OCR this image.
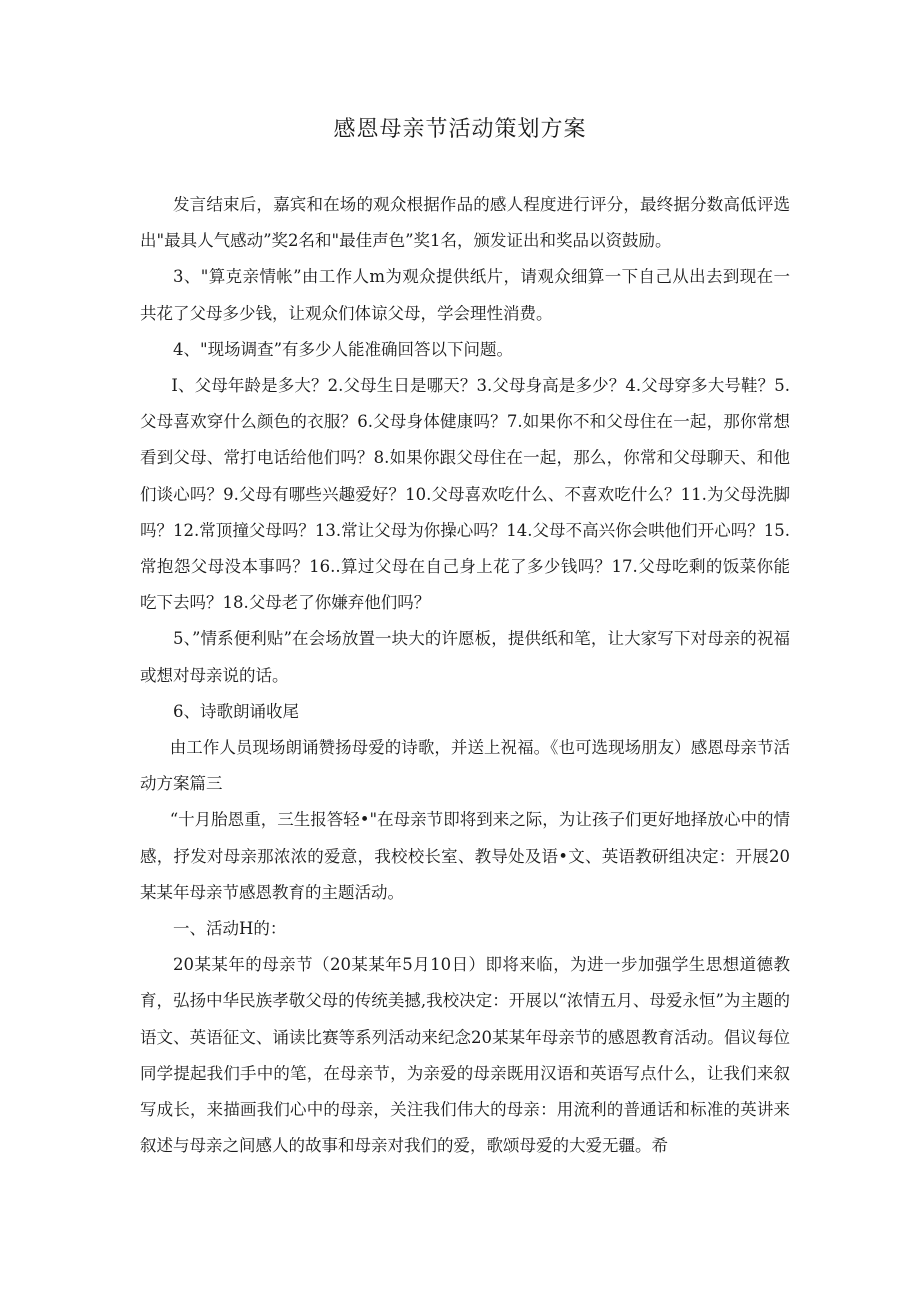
感恩母亲节活动策划方案

发言结束后，嘉宾和在场的观众根据作品的感人程度进行评分，最终据分数高低评选出"最具人气感动”奖2名和"最佳声色”奖1名，颁发证出和奖品以资鼓励。

3、"算克亲情帐”由工作人m为观众提供纸片，请观众细算一下自己从出去到现在一共花了父母多少钱，让观众们体谅父母，学会理性消费。

4、"现场调查”有多少人能准确回答以下问题。

I、父母年龄是多大？2.父母生日是哪天？3.父母身高是多少？4.父母穿多大号鞋？5.父母喜欢穿什么颜色的衣服？6.父母身体健康吗？7.如果你不和父母住在一起，那你常想看到父母、常打电话给他们吗？8.如果你跟父母住在一起，那么，你常和父母聊天、和他们谈心吗？9.父母有哪些兴趣爱好？10.父母喜欢吃什么、不喜欢吃什么？11.为父母洗脚吗？12.常顶撞父母吗？13.常让父母为你操心吗？14.父母不高兴你会哄他们开心吗？15.常抱怨父母没本事吗？16..算过父母在自己身上花了多少钱吗？17.父母吃剩的饭菜你能吃下去吗？18.父母老了你嫌弃他们吗？

5、”情系便利贴”在会场放置一块大的许愿板，提供纸和笔，让大家写下对母亲的祝福或想对母亲说的话。

6、诗歌朗诵收尾

由工作人员现场朗诵赞扬母爱的诗歌，并送上祝福。《也可选现场朋友）感恩母亲节活动方案篇三

“十月胎恩重，三生报答轻•"在母亲节即将到来之际，为让孩子们更好地择放心中的情感，抒发对母亲那浓浓的爱意，我校校长室、教导处及语•文、英语教研组决定：开展20某某年母亲节感恩教育的主题活动。

一、活动H的：

20某某年的母亲节（20某某年5月10日）即将来临，为进一步加强学生思想道德教育，弘扬中华民族孝敬父母的传统美撼,我校决定：开展以“浓情五月、母爱永恒”为主题的语文、英语征文、诵读比赛等系列活动来纪念20某某年母亲节的感恩教育活动。倡议每位同学提起我们手中的笔，在母亲节，为亲爱的母亲既用汉语和英语写点什么，让我们来叙写成长，来描画我们心中的母亲，关注我们伟大的母亲：用流利的普通话和标准的英讲来叙述与母亲之间感人的故事和母亲对我们的爱，歌颂母爱的大爱无疆。希
